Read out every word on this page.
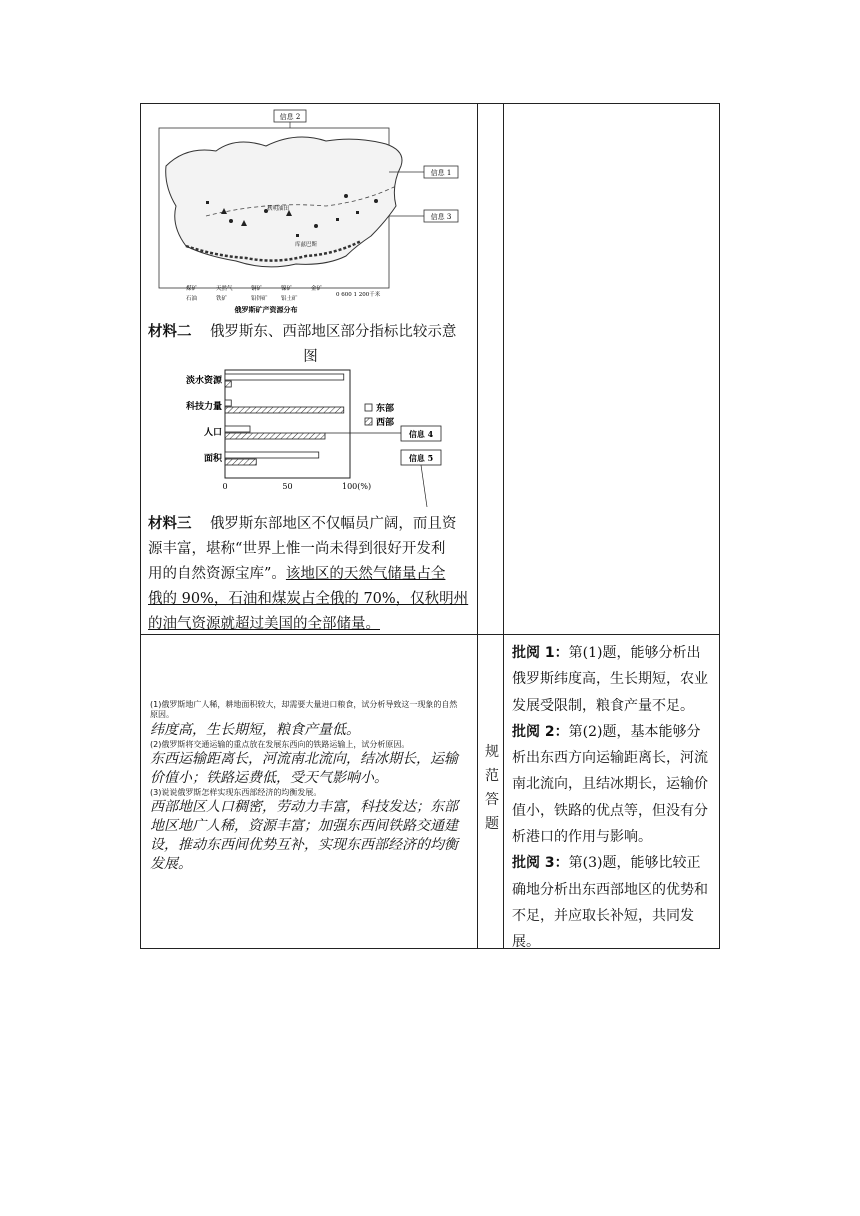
信息 2
信息 1
信息 3
库兹巴斯
秋明油田
煤矿	天然气	铜矿	镍矿	金矿
石油	铁矿	铅锌矿 铝土矿
0 600 1 200千米
俄罗斯矿产资源分布
材料二 俄罗斯东、西部地区部分指标比较示意
图
淡水资源
科技力量
人口
面积
0	50	100(%)
东部
西部
信息 4
信息 5
材料三 俄罗斯东部地区不仅幅员广阔，而且资
源丰富，堪称“世界上惟一尚未得到很好开发利
用的自然资源宝库”。该地区的天然气储量占全
俄的 90%，石油和煤炭占全俄的 70%，仅秋明州
的油气资源就超过美国的全部储量。
(1)俄罗斯地广人稀，耕地面积较大，却需要大量进口粮食，试分析导致这一现象的自然原因。
纬度高，生长期短，粮食产量低。
(2)俄罗斯将交通运输的重点放在发展东西向的铁路运输上，试分析原因。
东西运输距离长，河流南北流向，结冰期长，运输价值小；铁路运费低，受天气影响小。
(3)说说俄罗斯怎样实现东西部经济的均衡发展。
西部地区人口稠密，劳动力丰富，科技发达；东部地区地广人稀，资源丰富；加强东西间铁路交通建设，推动东西间优势互补，实现东西部经济的均衡发展。
规
范
答
题
批阅 1：第(1)题，能够分析出俄罗斯纬度高，生长期短，农业发展受限制，粮食产量不足。
批阅 2：第(2)题，基本能够分析出东西方向运输距离长，河流南北流向，且结冰期长，运输价值小，铁路的优点等，但没有分析港口的作用与影响。
批阅 3：第(3)题，能够比较正确地分析出东西部地区的优势和不足，并应取长补短，共同发展。
